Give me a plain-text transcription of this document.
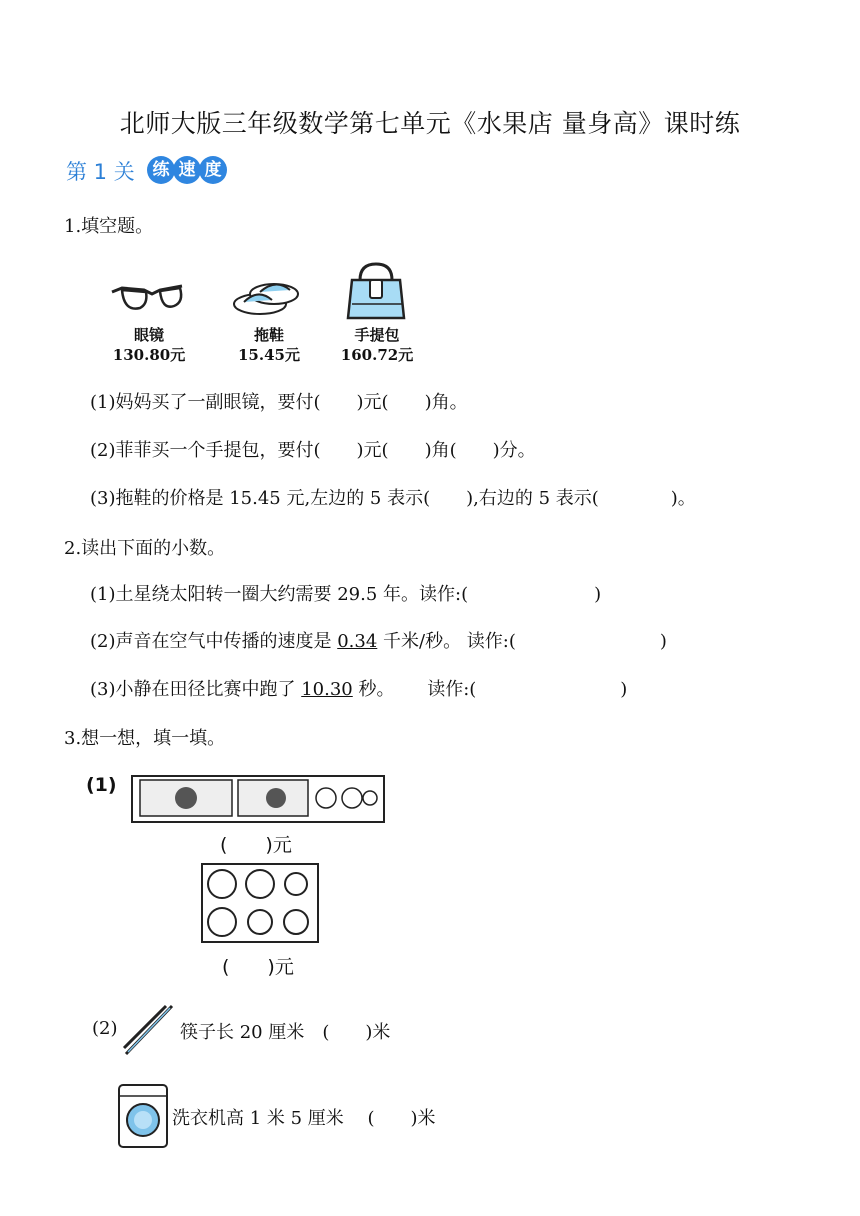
北师大版三年级数学第七单元《水果店 量身高》课时练
第 1 关 练 速 度
1.填空题。
眼镜
130.80元
拖鞋
15.45元
手提包
160.72元
(1)妈妈买了一副眼镜，要付(　　)元(　　)角。
(2)菲菲买一个手提包，要付(　　)元(　　)角(　　)分。
(3)拖鞋的价格是 15.45 元,左边的 5 表示(　　),右边的 5 表示(　　　　)。
2.读出下面的小数。
(1)土星绕太阳转一圈大约需要 29.5 年。读作:(　　　　　　　)
(2)声音在空气中传播的速度是 0.34 千米/秒。 读作:(　　　　　　　　)
(3)小静在田径比赛中跑了 10.30 秒。　　 读作:(　　　　　　　　)
3.想一想，填一填。
(1)
(　　)元
(　　)元
(2)	筷子长 20 厘米　(　　)米
洗衣机高 1 米 5 厘米　 (　　)米
